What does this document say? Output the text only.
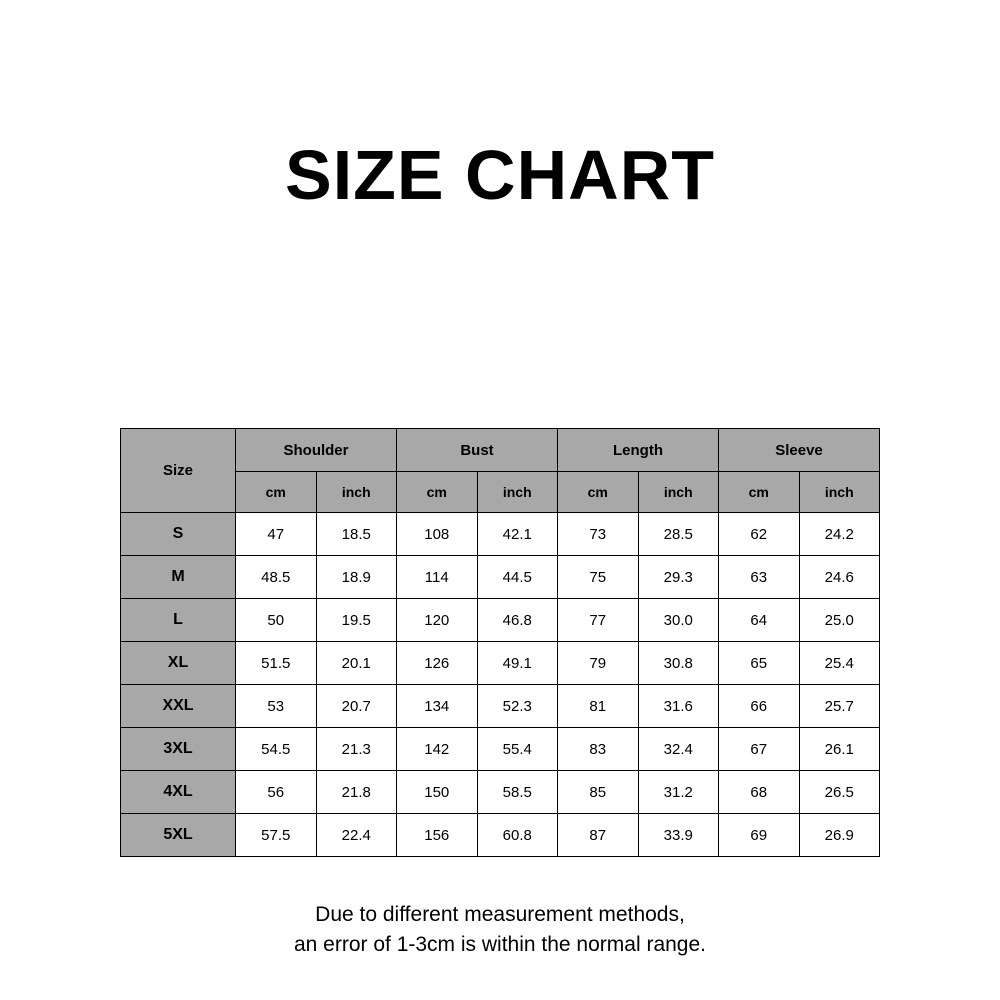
SIZE CHART
Size	Shoulder		Bust		Length		Sleeve	
	cm	inch	cm	inch	cm	inch	cm	inch
S	47	18.5	108	42.1	73	28.5	62	24.2
M	48.5	18.9	114	44.5	75	29.3	63	24.6
L	50	19.5	120	46.8	77	30.0	64	25.0
XL	51.5	20.1	126	49.1	79	30.8	65	25.4
XXL	53	20.7	134	52.3	81	31.6	66	25.7
3XL	54.5	21.3	142	55.4	83	32.4	67	26.1
4XL	56	21.8	150	58.5	85	31.2	68	26.5
5XL	57.5	22.4	156	60.8	87	33.9	69	26.9
Due to different measurement methods,
an error of 1-3cm is within the normal range.
